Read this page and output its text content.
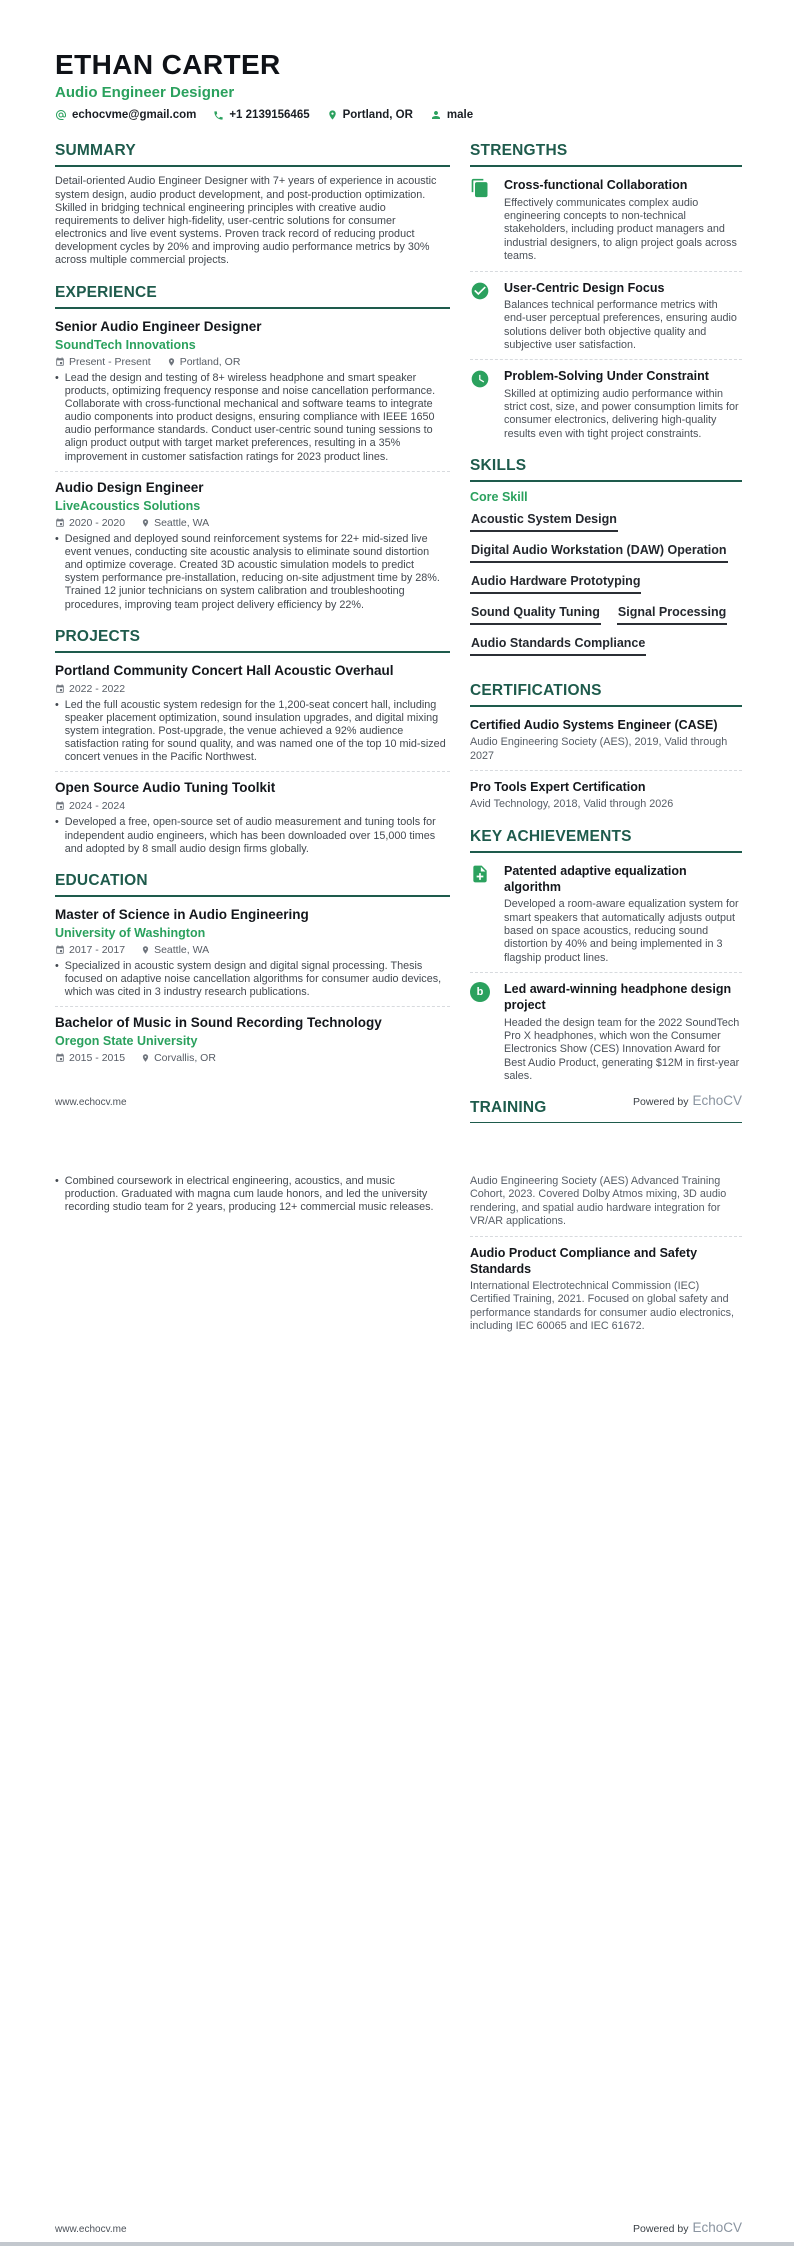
ETHAN CARTER
Audio Engineer Designer
echocvme@gmail.com	+1 2139156465	Portland, OR	male
SUMMARY
Detail-oriented Audio Engineer Designer with 7+ years of experience in acoustic system design, audio product development, and post-production optimization. Skilled in bridging technical engineering principles with creative audio requirements to deliver high-fidelity, user-centric solutions for consumer electronics and live event systems. Proven track record of reducing product development cycles by 20% and improving audio performance metrics by 30% across multiple commercial projects.
EXPERIENCE
Senior Audio Engineer Designer
SoundTech Innovations
Present - Present	Portland, OR
• Lead the design and testing of 8+ wireless headphone and smart speaker products, optimizing frequency response and noise cancellation performance. Collaborate with cross-functional mechanical and software teams to integrate audio components into product designs, ensuring compliance with IEEE 1650 audio performance standards. Conduct user-centric sound tuning sessions to align product output with target market preferences, resulting in a 35% improvement in customer satisfaction ratings for 2023 product lines.
Audio Design Engineer
LiveAcoustics Solutions
2020 - 2020	Seattle, WA
• Designed and deployed sound reinforcement systems for 22+ mid-sized live event venues, conducting site acoustic analysis to eliminate sound distortion and optimize coverage. Created 3D acoustic simulation models to predict system performance pre-installation, reducing on-site adjustment time by 28%. Trained 12 junior technicians on system calibration and troubleshooting procedures, improving team project delivery efficiency by 22%.
PROJECTS
Portland Community Concert Hall Acoustic Overhaul
2022 - 2022
• Led the full acoustic system redesign for the 1,200-seat concert hall, including speaker placement optimization, sound insulation upgrades, and digital mixing system integration. Post-upgrade, the venue achieved a 92% audience satisfaction rating for sound quality, and was named one of the top 10 mid-sized concert venues in the Pacific Northwest.
Open Source Audio Tuning Toolkit
2024 - 2024
• Developed a free, open-source set of audio measurement and tuning tools for independent audio engineers, which has been downloaded over 15,000 times and adopted by 8 small audio design firms globally.
EDUCATION
Master of Science in Audio Engineering
University of Washington
2017 - 2017	Seattle, WA
• Specialized in acoustic system design and digital signal processing. Thesis focused on adaptive noise cancellation algorithms for consumer audio devices, which was cited in 3 industry research publications.
Bachelor of Music in Sound Recording Technology
Oregon State University
2015 - 2015	Corvallis, OR
STRENGTHS
Cross-functional Collaboration
Effectively communicates complex audio engineering concepts to non-technical stakeholders, including product managers and industrial designers, to align project goals across teams.
User-Centric Design Focus
Balances technical performance metrics with end-user perceptual preferences, ensuring audio solutions deliver both objective quality and subjective user satisfaction.
Problem-Solving Under Constraint
Skilled at optimizing audio performance within strict cost, size, and power consumption limits for consumer electronics, delivering high-quality results even with tight project constraints.
SKILLS
Core Skill
Acoustic System Design
Digital Audio Workstation (DAW) Operation
Audio Hardware Prototyping
Sound Quality Tuning Signal Processing
Audio Standards Compliance
CERTIFICATIONS
Certified Audio Systems Engineer (CASE)
Audio Engineering Society (AES), 2019, Valid through 2027
Pro Tools Expert Certification
Avid Technology, 2018, Valid through 2026
KEY ACHIEVEMENTS
Patented adaptive equalization algorithm
Developed a room-aware equalization system for smart speakers that automatically adjusts output based on space acoustics, reducing sound distortion by 40% and being implemented in 3 flagship product lines.
b	Led award-winning headphone design project
Headed the design team for the 2022 SoundTech Pro X headphones, which won the Consumer Electronics Show (CES) Innovation Award for Best Audio Product, generating $12M in first-year sales.
TRAINING
www.echocv.me	Powered by EchoCV
• Combined coursework in electrical engineering, acoustics, and music production. Graduated with magna cum laude honors, and led the university recording studio team for 2 years, producing 12+ commercial music releases.
Audio Engineering Society (AES) Advanced Training Cohort, 2023. Covered Dolby Atmos mixing, 3D audio rendering, and spatial audio hardware integration for VR/AR applications.
Audio Product Compliance and Safety Standards
International Electrotechnical Commission (IEC) Certified Training, 2021. Focused on global safety and performance standards for consumer audio electronics, including IEC 60065 and IEC 61672.
www.echocv.me	Powered by EchoCV
